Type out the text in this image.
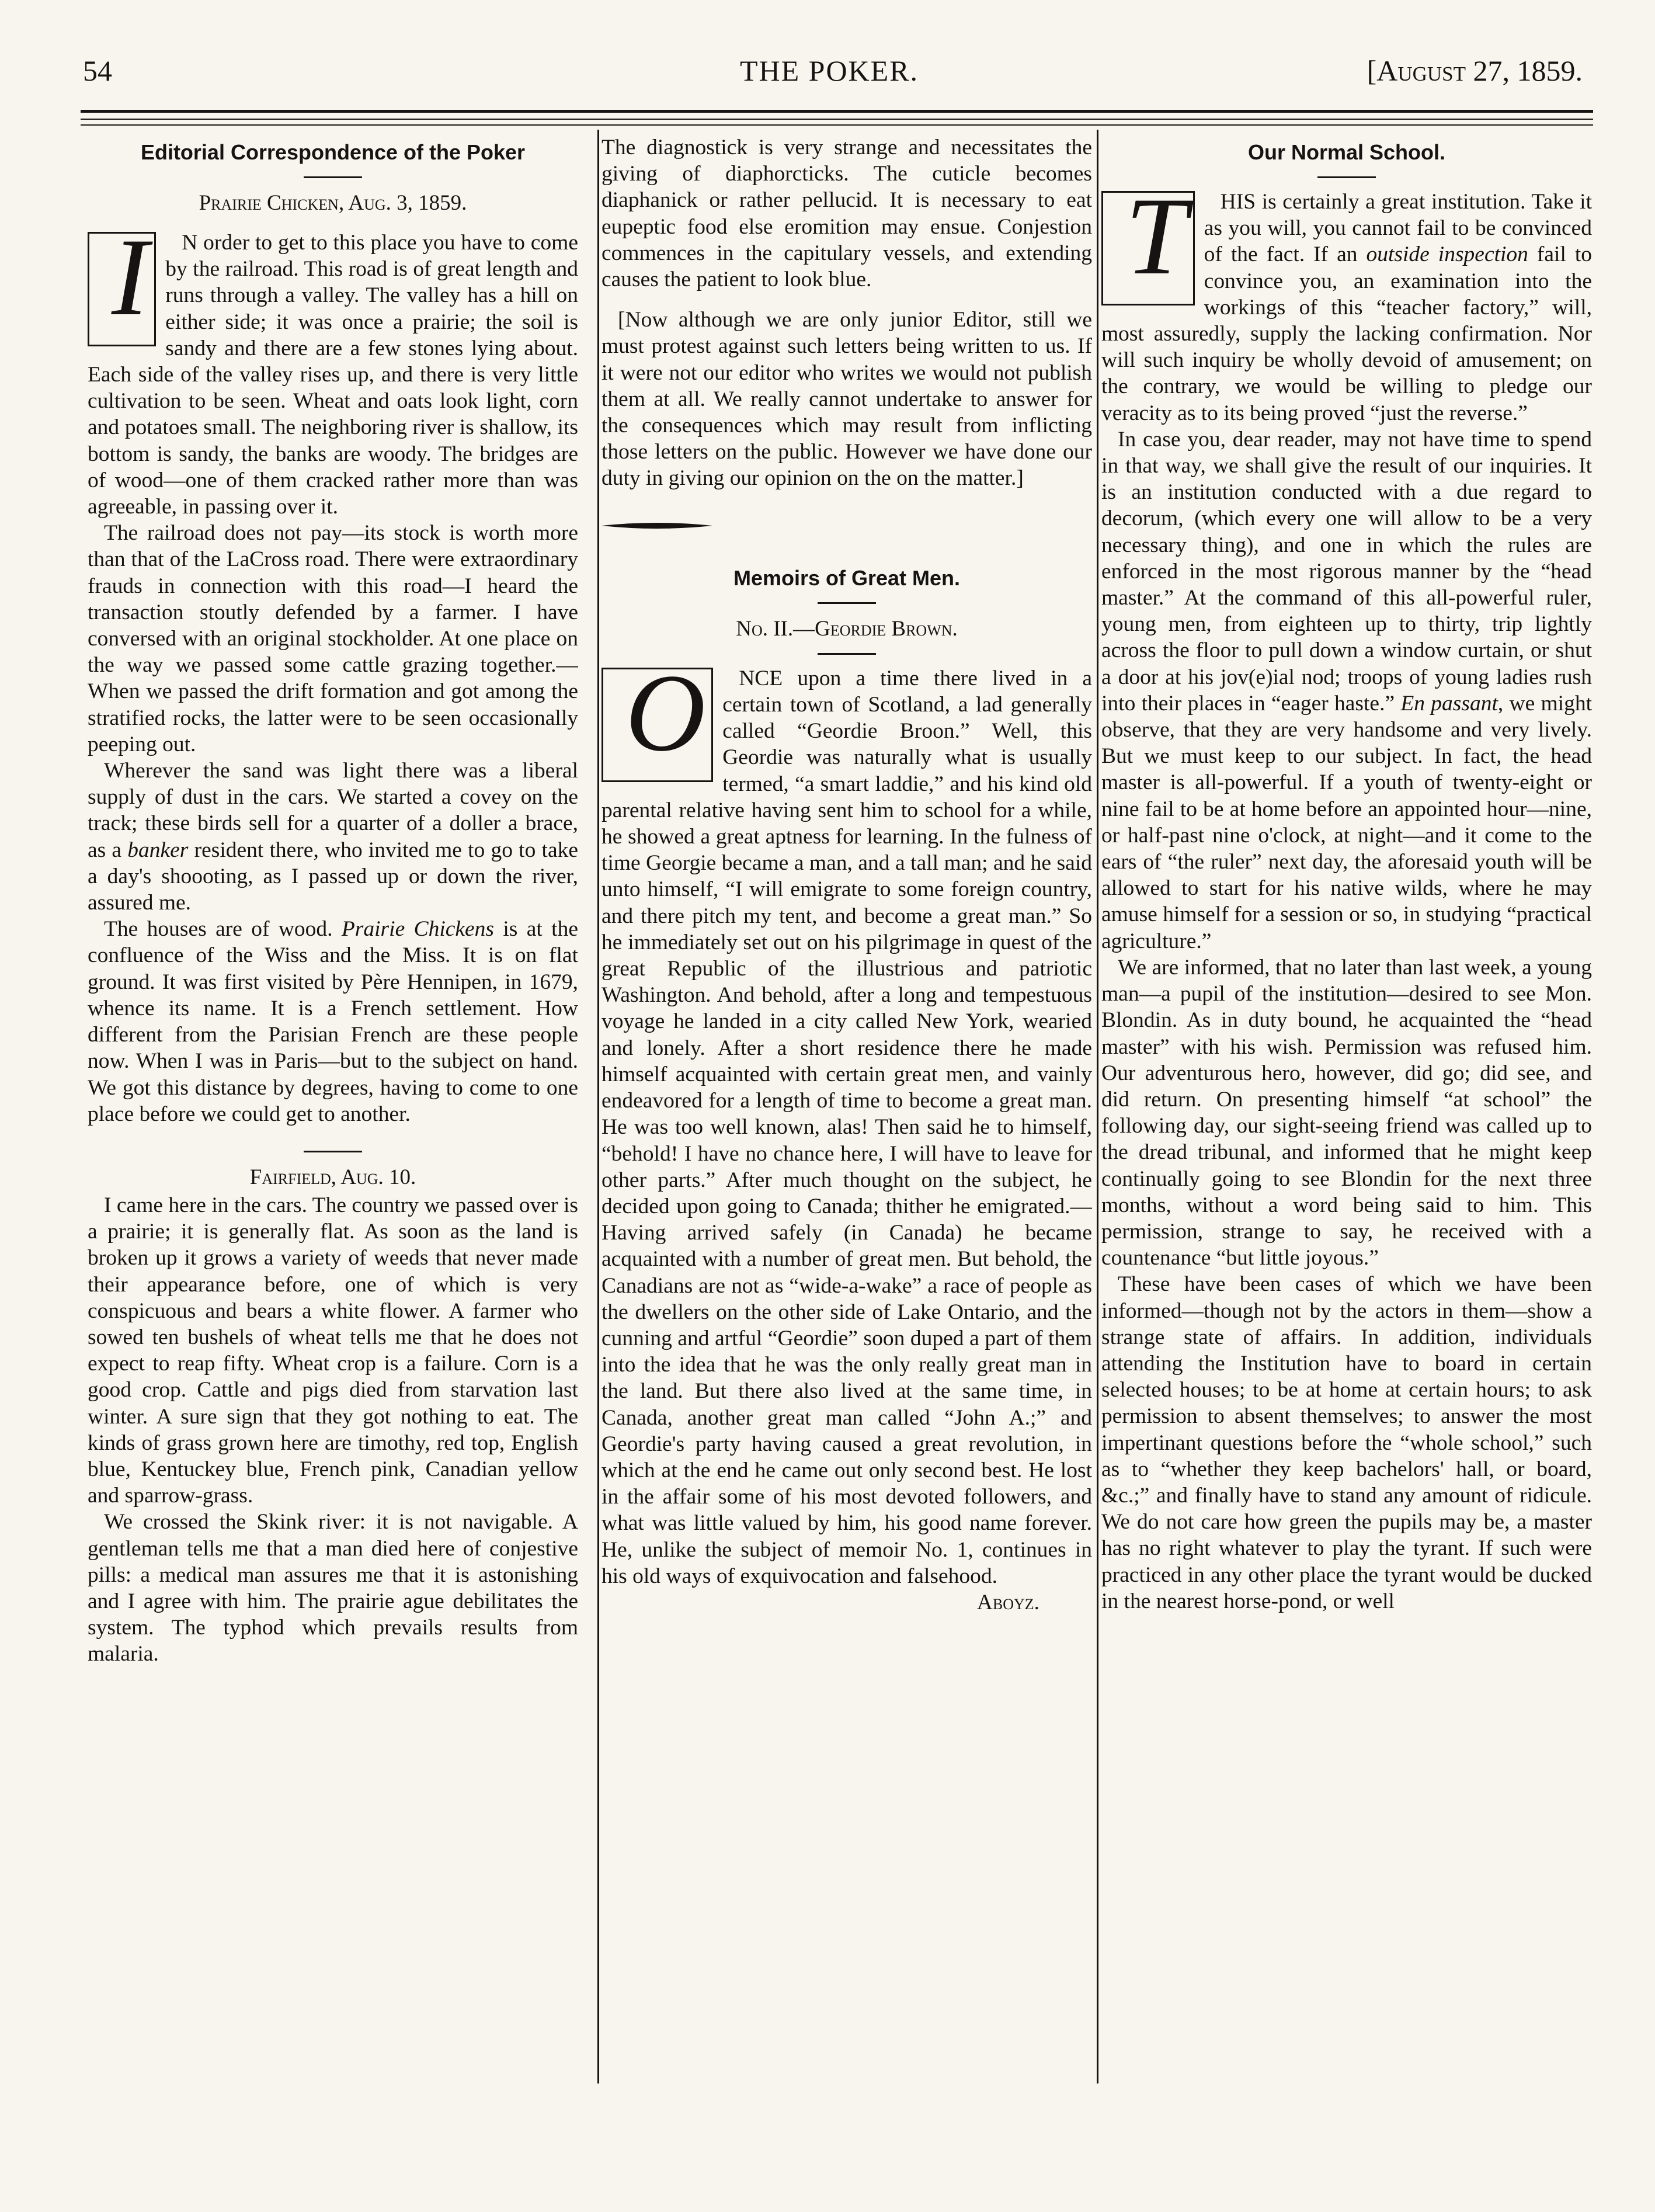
54	THE POKER.	[August 27, 1859.
Editorial Correspondence of the Poker
Prairie Chicken, Aug. 3, 1859.

I	N order to get to this place you have to come by the railroad. This road is of great length and runs through a valley. The valley has a hill on either side; it was once a prairie; the soil is sandy and there are a few stones lying about. Each side of the valley rises up, and there is very little cultivation to be seen. Wheat and oats look light, corn and potatoes small. The neighboring river is shallow, its bottom is sandy, the banks are woody. The bridges are of wood—one of them cracked rather more than was agreeable, in passing over it.

The railroad does not pay—its stock is worth more than that of the LaCross road. There were extraordinary frauds in connection with this road—I heard the transaction stoutly defended by a farmer. I have conversed with an original stockholder. At one place on the way we passed some cattle grazing together.—When we passed the drift formation and got among the stratified rocks, the latter were to be seen occasionally peeping out.

Wherever the sand was light there was a liberal supply of dust in the cars. We started a covey on the track; these birds sell for a quarter of a doller a brace, as a banker resident there, who invited me to go to take a day's shoooting, as I passed up or down the river, assured me.

The houses are of wood. Prairie Chickens is at the confluence of the Wiss and the Miss. It is on flat ground. It was first visited by Père Hennipen, in 1679, whence its name. It is a French settlement. How different from the Parisian French are these people now. When I was in Paris—but to the subject on hand. We got this distance by degrees, having to come to one place before we could get to another.

Fairfield, Aug. 10.

I came here in the cars. The country we passed over is a prairie; it is generally flat. As soon as the land is broken up it grows a variety of weeds that never made their appearance before, one of which is very conspicuous and bears a white flower. A farmer who sowed ten bushels of wheat tells me that he does not expect to reap fifty. Wheat crop is a failure. Corn is a good crop. Cattle and pigs died from starvation last winter. A sure sign that they got nothing to eat. The kinds of grass grown here are timothy, red top, English blue, Kentuckey blue, French pink, Canadian yellow and sparrow-grass.

We crossed the Skink river: it is not navigable. A gentleman tells me that a man died here of conjestive pills: a medical man assures me that it is astonishing and I agree with him. The prairie ague debilitates the system. The typhod which prevails results from malaria.

The diagnostick is very strange and necessitates the giving of diaphorcticks. The cuticle becomes diaphanick or rather pellucid. It is necessary to eat eupeptic food else eromition may ensue. Conjestion commences in the capitulary vessels, and extending causes the patient to look blue.

[Now although we are only junior Editor, still we must protest against such letters being written to us. If it were not our editor who writes we would not publish them at all. We really cannot undertake to answer for the consequences which may result from inflicting those letters on the public. However we have done our duty in giving our opinion on the on the matter.]

Memoirs of Great Men.
No. II.—Geordie Brown.

O	NCE upon a time there lived in a certain town of Scotland, a lad generally called “Geordie Broon.” Well, this Geordie was naturally what is usually termed, “a smart laddie,” and his kind old parental relative having sent him to school for a while, he showed a great aptness for learning. In the fulness of time Georgie became a man, and a tall man; and he said unto himself, “I will emigrate to some foreign country, and there pitch my tent, and become a great man.” So he immediately set out on his pilgrimage in quest of the great Republic of the illustrious and patriotic Washington. And behold, after a long and tempestuous voyage he landed in a city called New York, wearied and lonely. After a short residence there he made himself acquainted with certain great men, and vainly endeavored for a length of time to become a great man. He was too well known, alas! Then said he to himself, “behold! I have no chance here, I will have to leave for other parts.” After much thought on the subject, he decided upon going to Canada; thither he emigrated.—Having arrived safely (in Canada) he became acquainted with a number of great men. But behold, the Canadians are not as “wide-a-wake” a race of people as the dwellers on the other side of Lake Ontario, and the cunning and artful “Geordie” soon duped a part of them into the idea that he was the only really great man in the land. But there also lived at the same time, in Canada, another great man called “John A.;” and Geordie's party having caused a great revolution, in which at the end he came out only second best. He lost in the affair some of his most devoted followers, and what was little valued by him, his good name forever. He, unlike the subject of memoir No. 1, continues in his old ways of exquivocation and falsehood.

Aboyz.

Our Normal School.

T	HIS is certainly a great institution. Take it as you will, you cannot fail to be convinced of the fact. If an outside inspection fail to convince you, an examination into the workings of this “teacher factory,” will, most assuredly, supply the lacking confirmation. Nor will such inquiry be wholly devoid of amusement; on the contrary, we would be willing to pledge our veracity as to its being proved “just the reverse.”

In case you, dear reader, may not have time to spend in that way, we shall give the result of our inquiries. It is an institution conducted with a due regard to decorum, (which every one will allow to be a very necessary thing), and one in which the rules are enforced in the most rigorous manner by the “head master.” At the command of this all-powerful ruler, young men, from eighteen up to thirty, trip lightly across the floor to pull down a window curtain, or shut a door at his jov(e)ial nod; troops of young ladies rush into their places in “eager haste.” En passant, we might observe, that they are very handsome and very lively. But we must keep to our subject. In fact, the head master is all-powerful. If a youth of twenty-eight or nine fail to be at home before an appointed hour—nine, or half-past nine o'clock, at night—and it come to the ears of “the ruler” next day, the aforesaid youth will be allowed to start for his native wilds, where he may amuse himself for a session or so, in studying “practical agriculture.”

We are informed, that no later than last week, a young man—a pupil of the institution—desired to see Mon. Blondin. As in duty bound, he acquainted the “head master” with his wish. Permission was refused him. Our adventurous hero, however, did go; did see, and did return. On presenting himself “at school” the following day, our sight-seeing friend was called up to the dread tribunal, and informed that he might keep continually going to see Blondin for the next three months, without a word being said to him. This permission, strange to say, he received with a countenance “but little joyous.”

These have been cases of which we have been informed—though not by the actors in them—show a strange state of affairs. In addition, individuals attending the Institution have to board in certain selected houses; to be at home at certain hours; to ask permission to absent themselves; to answer the most impertinant questions before the “whole school,” such as to “whether they keep bachelors' hall, or board, &c.;” and finally have to stand any amount of ridicule. We do not care how green the pupils may be, a master has no right whatever to play the tyrant. If such were practiced in any other place the tyrant would be ducked in the nearest horse-pond, or well
